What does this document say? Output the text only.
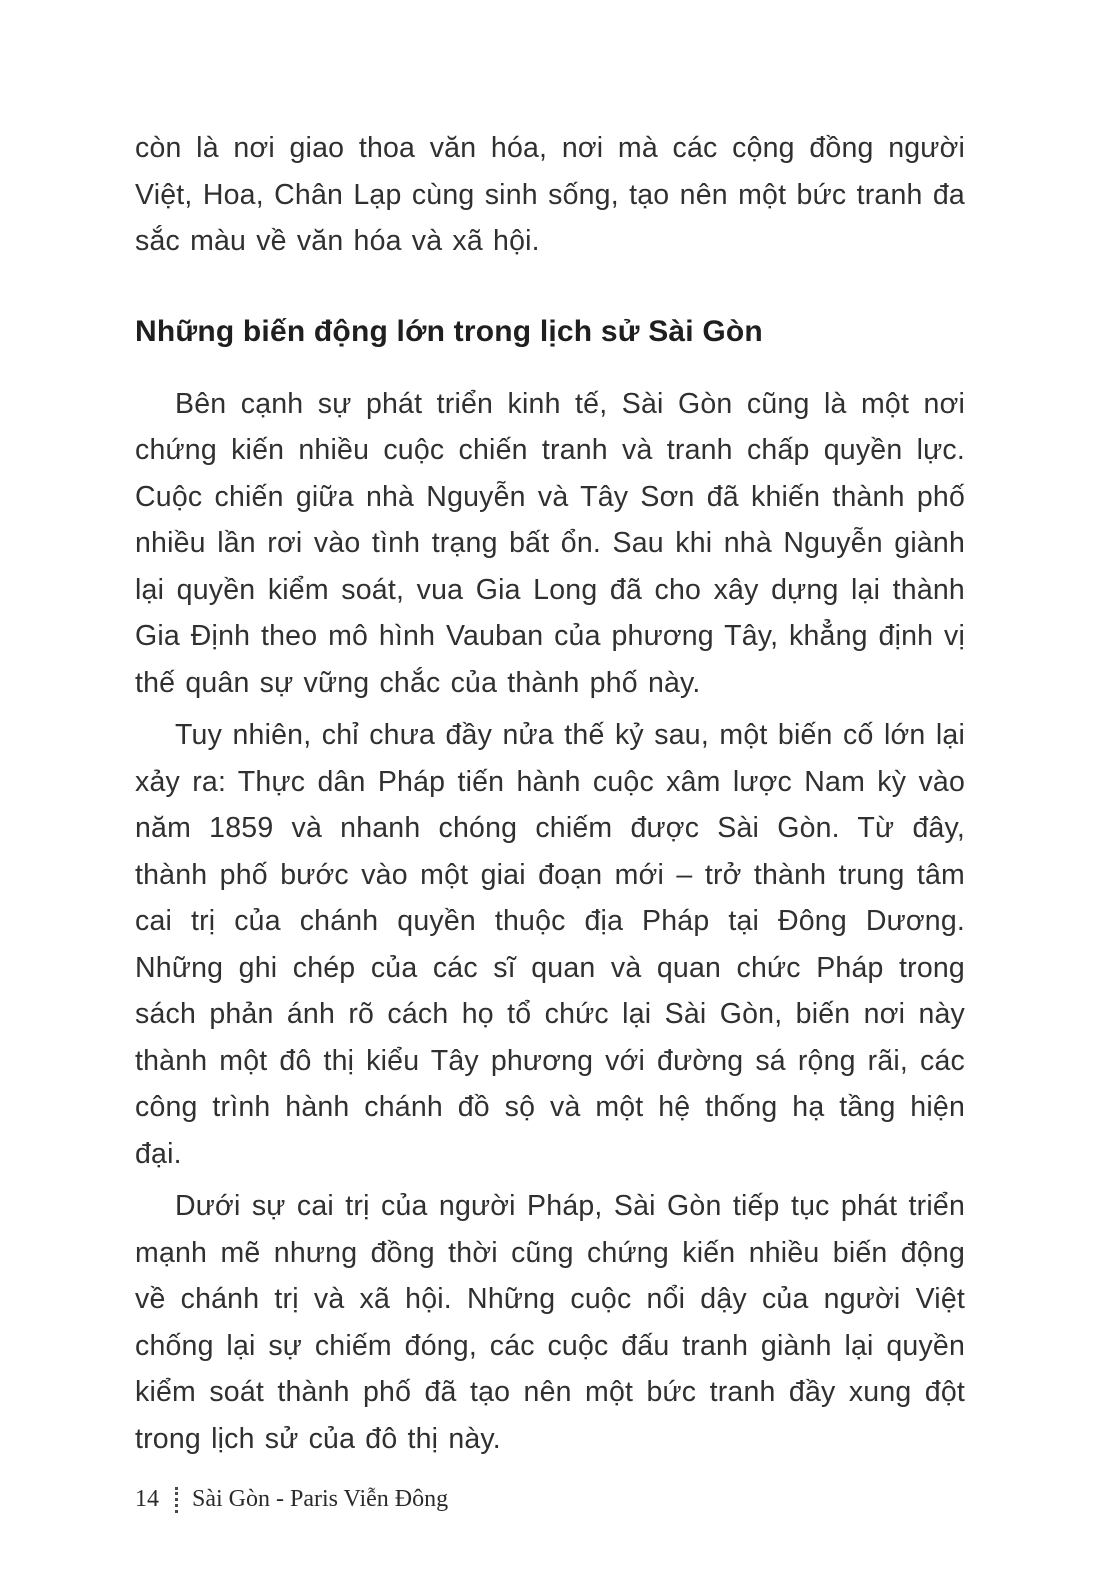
còn là nơi giao thoa văn hóa, nơi mà các cộng đồng người Việt, Hoa, Chân Lạp cùng sinh sống, tạo nên một bức tranh đa sắc màu về văn hóa và xã hội.

Những biến động lớn trong lịch sử Sài Gòn

Bên cạnh sự phát triển kinh tế, Sài Gòn cũng là một nơi chứng kiến nhiều cuộc chiến tranh và tranh chấp quyền lực. Cuộc chiến giữa nhà Nguyễn và Tây Sơn đã khiến thành phố nhiều lần rơi vào tình trạng bất ổn. Sau khi nhà Nguyễn giành lại quyền kiểm soát, vua Gia Long đã cho xây dựng lại thành Gia Định theo mô hình Vauban của phương Tây, khẳng định vị thế quân sự vững chắc của thành phố này.

Tuy nhiên, chỉ chưa đầy nửa thế kỷ sau, một biến cố lớn lại xảy ra: Thực dân Pháp tiến hành cuộc xâm lược Nam kỳ vào năm 1859 và nhanh chóng chiếm được Sài Gòn. Từ đây, thành phố bước vào một giai đoạn mới – trở thành trung tâm cai trị của chánh quyền thuộc địa Pháp tại Đông Dương. Những ghi chép của các sĩ quan và quan chức Pháp trong sách phản ánh rõ cách họ tổ chức lại Sài Gòn, biến nơi này thành một đô thị kiểu Tây phương với đường sá rộng rãi, các công trình hành chánh đồ sộ và một hệ thống hạ tầng hiện đại.

Dưới sự cai trị của người Pháp, Sài Gòn tiếp tục phát triển mạnh mẽ nhưng đồng thời cũng chứng kiến nhiều biến động về chánh trị và xã hội. Những cuộc nổi dậy của người Việt chống lại sự chiếm đóng, các cuộc đấu tranh giành lại quyền kiểm soát thành phố đã tạo nên một bức tranh đầy xung đột trong lịch sử của đô thị này.

14 Sài Gòn - Paris Viễn Đông
